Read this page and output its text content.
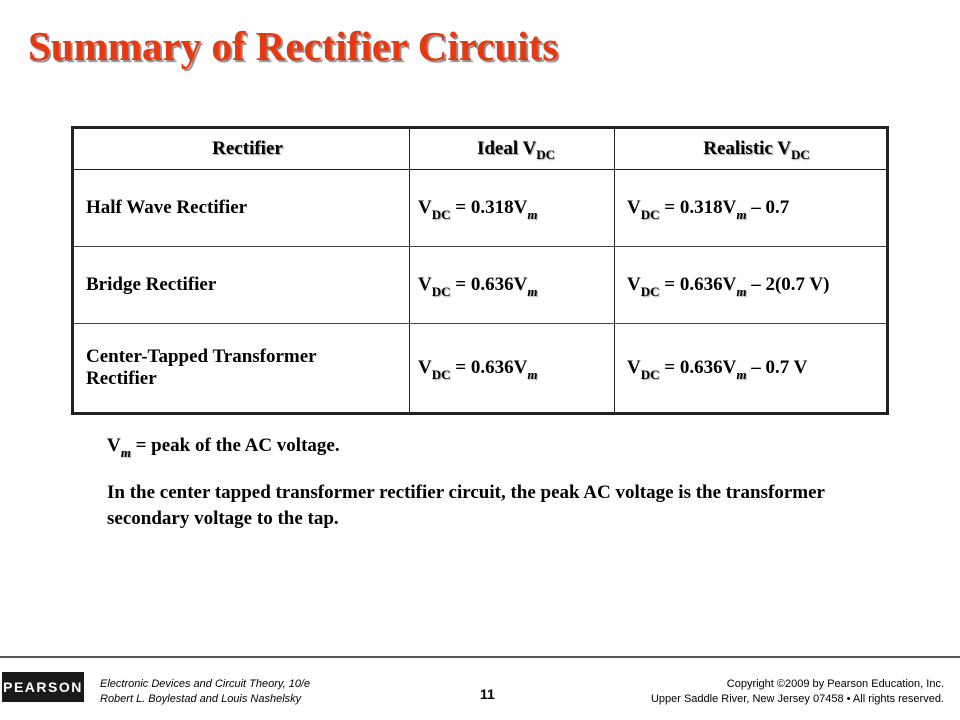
Summary of Rectifier Circuits
Rectifier	Ideal $V_{DC}$	Realistic $V_{DC}$
Half Wave Rectifier	$V_{DC} = 0.318V_m$	$V_{DC} = 0.318V_m - 0.7$
Bridge Rectifier	$V_{DC} = 0.636V_m$	$V_{DC} = 0.636V_m - 2(0.7$ V)

Center-Tapped Transformer
Rectifier	$V_{DC} = 0.636V_m$	$V_{DC} = 0.636V_m - 0.7$ V
$V_m$ = peak of the AC voltage.
In the center tapped transformer rectifier circuit, the peak AC voltage is the transformer secondary voltage to the tap.
PEARSON Electronic Devices and Circuit Theory, 10/e
Robert L. Boylestad and Louis Nashelsky	11
Copyright ©2009 by Pearson Education, Inc.
Upper Saddle River, New Jersey 07458 • All rights reserved.
